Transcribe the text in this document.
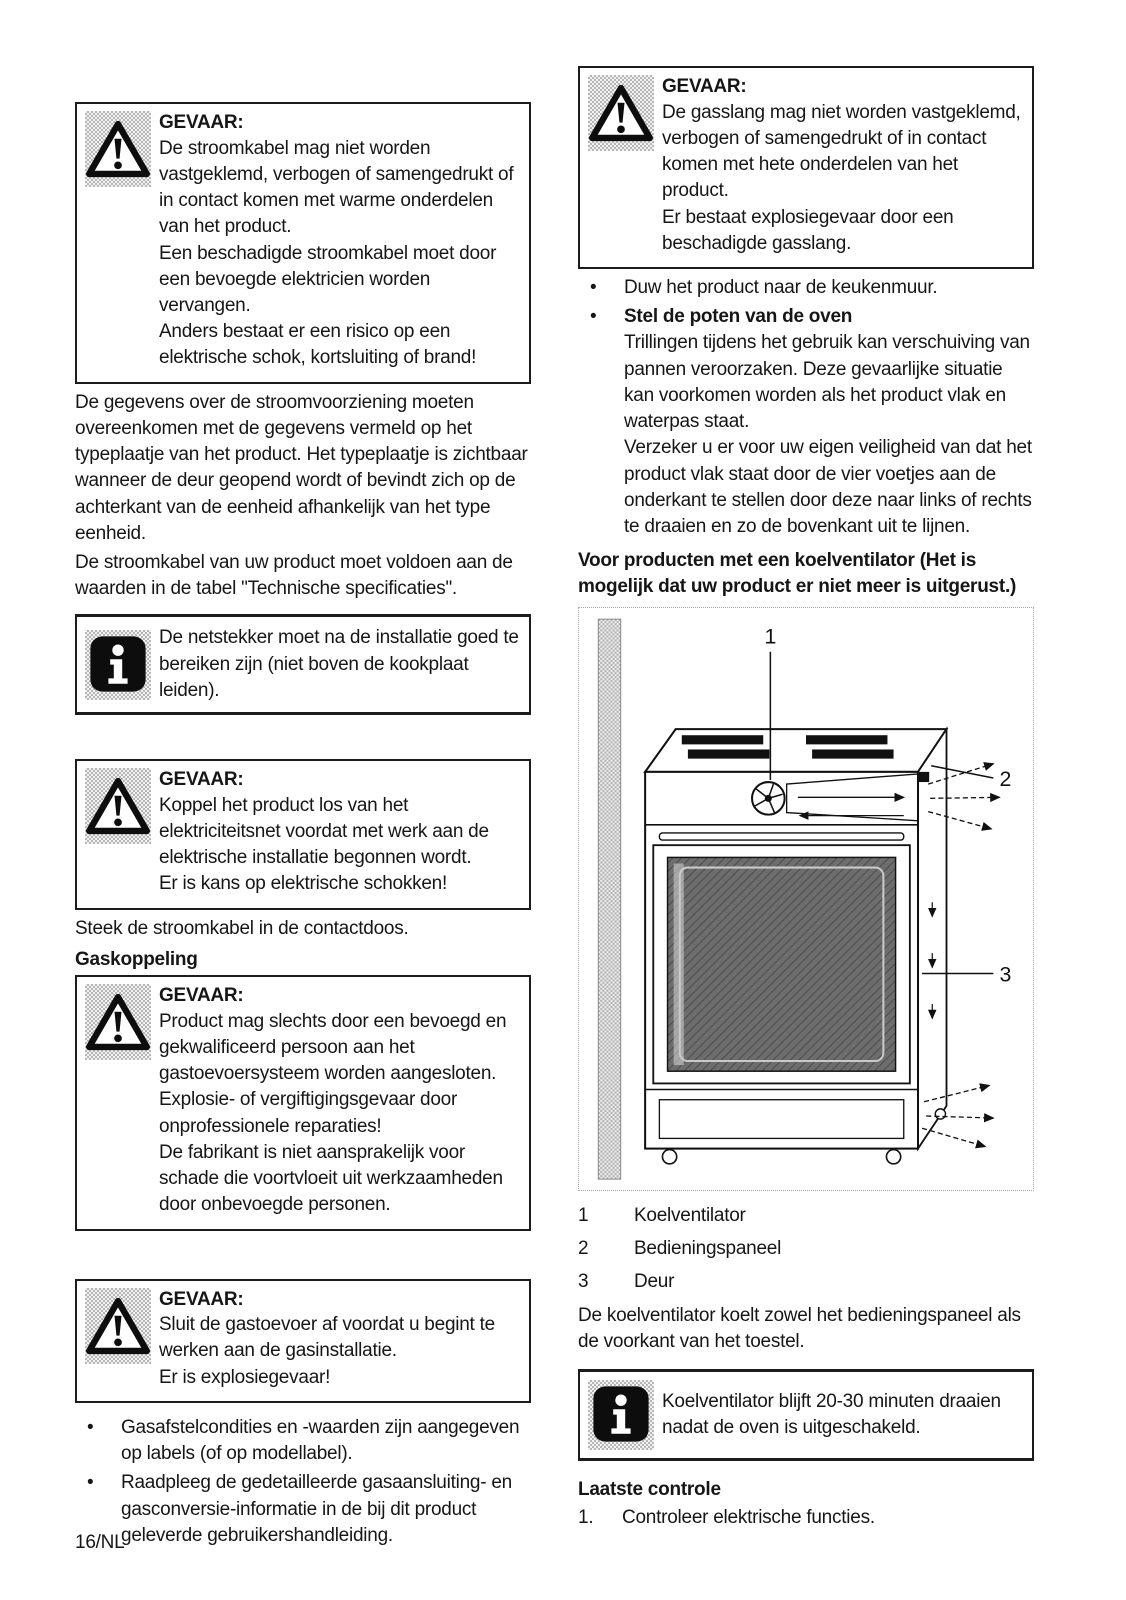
GEVAAR:

De stroomkabel mag niet worden vastgeklemd, verbogen of samengedrukt of in contact komen met warme onderdelen van het product.

Een beschadigde stroomkabel moet door een bevoegde elektricien worden vervangen.

Anders bestaat er een risico op een elektrische schok, kortsluiting of brand!

De gegevens over de stroomvoorziening moeten overeenkomen met de gegevens vermeld op het typeplaatje van het product. Het typeplaatje is zichtbaar wanneer de deur geopend wordt of bevindt zich op de achterkant van de eenheid afhankelijk van het type eenheid.

De stroomkabel van uw product moet voldoen aan de waarden in de tabel "Technische specificaties".

De netstekker moet na de installatie goed te bereiken zijn (niet boven de kookplaat leiden).

GEVAAR:

Koppel het product los van het elektriciteitsnet voordat met werk aan de elektrische installatie begonnen wordt.

Er is kans op elektrische schokken!

Steek de stroomkabel in de contactdoos.

Gaskoppeling
GEVAAR:

Product mag slechts door een bevoegd en gekwalificeerd persoon aan het gastoevoersysteem worden aangesloten.

Explosie- of vergiftigingsgevaar door onprofessionele reparaties!

De fabrikant is niet aansprakelijk voor schade die voortvloeit uit werkzaamheden door onbevoegde personen.

GEVAAR:

Sluit de gastoevoer af voordat u begint te werken aan de gasinstallatie.

Er is explosiegevaar!

• Gasafstelcondities en -waarden zijn aangegeven op labels (of op modellabel).
• Raadpleeg de gedetailleerde gasaansluiting- en gasconversie-informatie in de bij dit product geleverde gebruikershandleiding.
GEVAAR:

De gasslang mag niet worden vastgeklemd, verbogen of samengedrukt of in contact komen met hete onderdelen van het product.

Er bestaat explosiegevaar door een beschadigde gasslang.

• Duw het product naar de keukenmuur.
• Stel de poten van de oven

Trillingen tijdens het gebruik kan verschuiving van pannen veroorzaken. Deze gevaarlijke situatie kan voorkomen worden als het product vlak en waterpas staat.

Verzeker u er voor uw eigen veiligheid van dat het product vlak staat door de vier voetjes aan de onderkant te stellen door deze naar links of rechts te draaien en zo de bovenkant uit te lijnen.

Voor producten met een koelventilator (Het is mogelijk dat uw product er niet meer is uitgerust.)
1
2
3
1	Koelventilator
2	Bedieningspaneel
3	Deur

De koelventilator koelt zowel het bedieningspaneel als de voorkant van het toestel.

Koelventilator blijft 20-30 minuten draaien nadat de oven is uitgeschakeld.

Laatste controle
1.	Controleer elektrische functies.
16/NL
